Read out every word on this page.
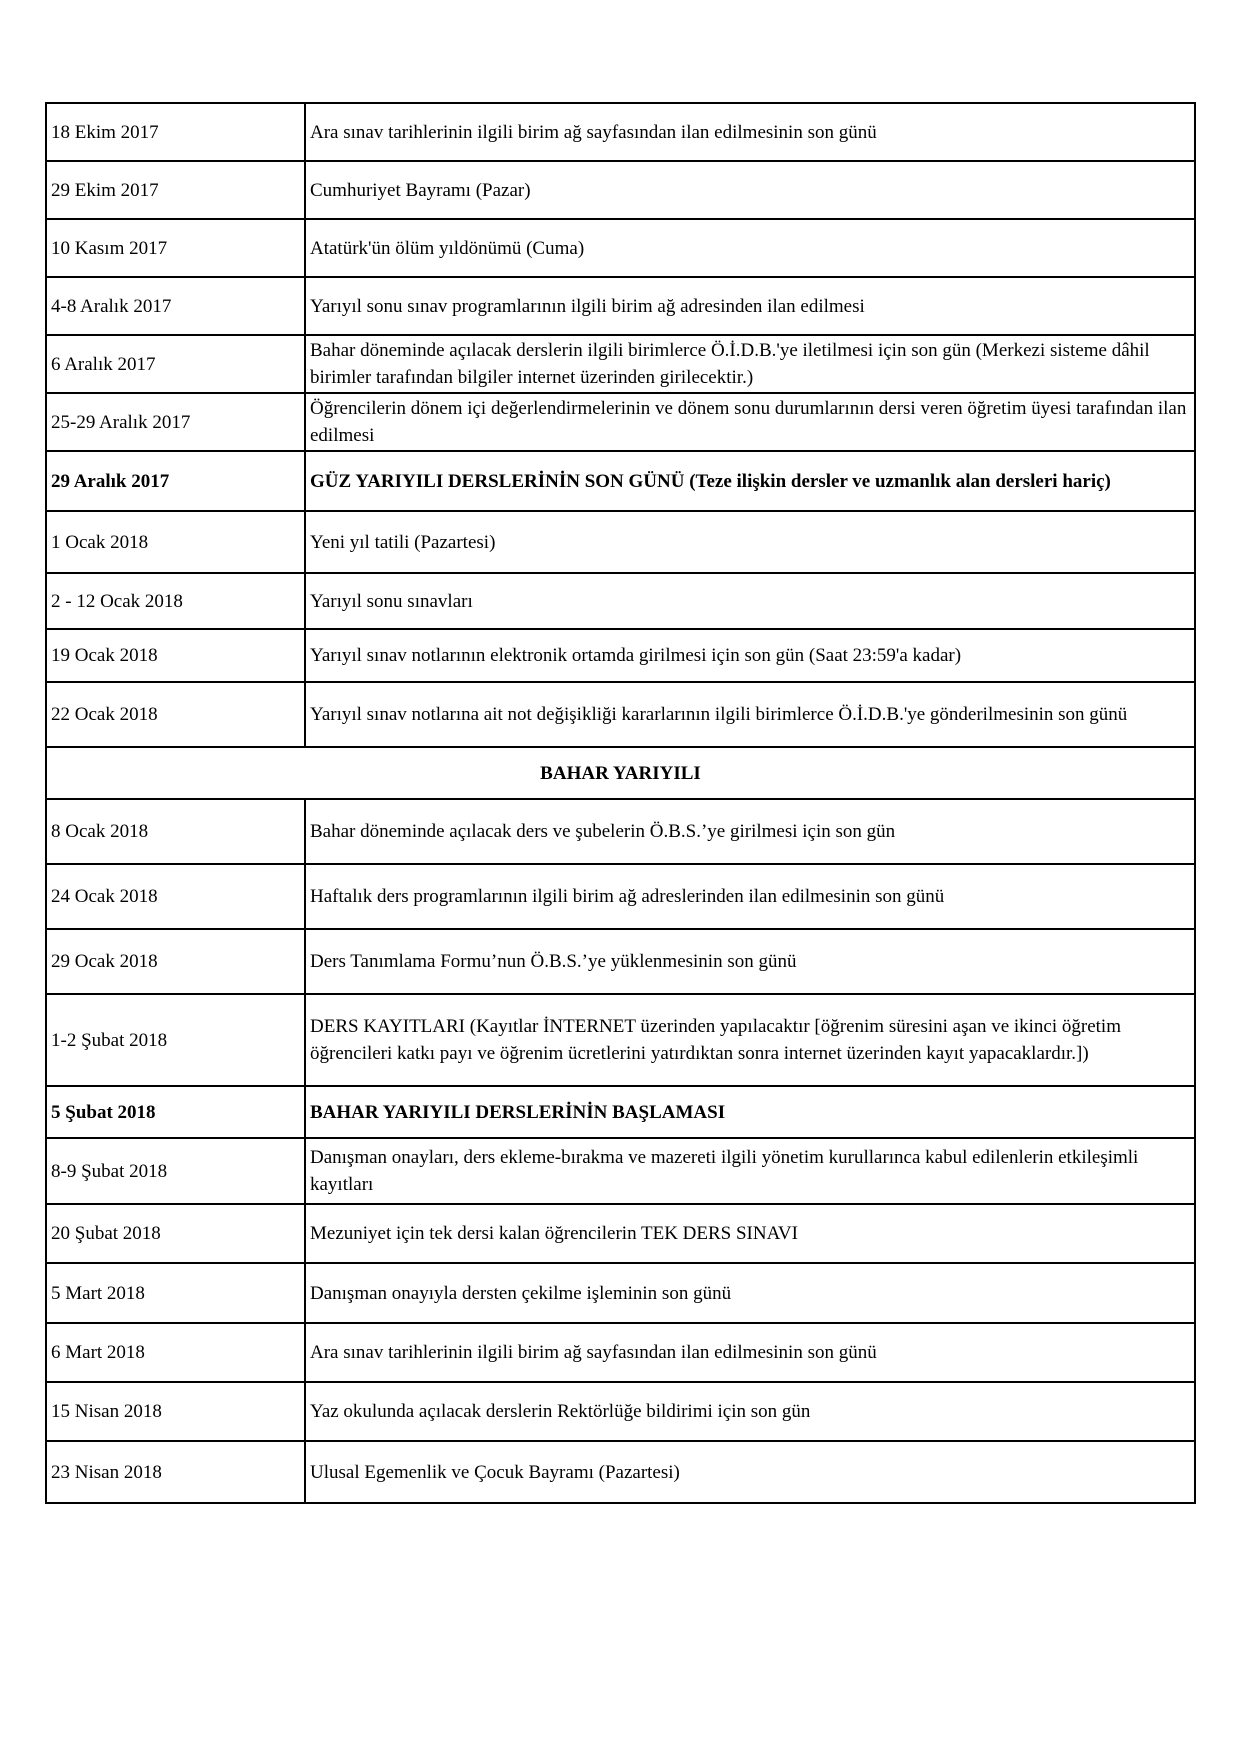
18 Ekim 2017	Ara sınav tarihlerinin ilgili birim ağ sayfasından ilan edilmesinin son günü
29 Ekim 2017	Cumhuriyet Bayramı (Pazar)
10 Kasım 2017	Atatürk'ün ölüm yıldönümü (Cuma)
4-8 Aralık 2017	Yarıyıl sonu sınav programlarının ilgili birim ağ adresinden ilan edilmesi
6 Aralık 2017	Bahar döneminde açılacak derslerin ilgili birimlerce Ö.İ.D.B.'ye iletilmesi için son gün (Merkezi sisteme dâhil birimler tarafından bilgiler internet üzerinden girilecektir.)
25-29 Aralık 2017	Öğrencilerin dönem içi değerlendirmelerinin ve dönem sonu durumlarının dersi veren öğretim üyesi tarafından ilan edilmesi
29 Aralık 2017	GÜZ YARIYILI DERSLERİNİN SON GÜNÜ (Teze ilişkin dersler ve uzmanlık alan dersleri hariç)
1 Ocak 2018	Yeni yıl tatili (Pazartesi)
2 - 12 Ocak 2018	Yarıyıl sonu sınavları
19 Ocak 2018	Yarıyıl sınav notlarının elektronik ortamda girilmesi için son gün (Saat 23:59'a kadar)
22 Ocak 2018	Yarıyıl sınav notlarına ait not değişikliği kararlarının ilgili birimlerce Ö.İ.D.B.'ye gönderilmesinin son günü
BAHAR YARIYILI	
8 Ocak 2018	Bahar döneminde açılacak ders ve şubelerin Ö.B.S.’ye girilmesi için son gün
24 Ocak 2018	Haftalık ders programlarının ilgili birim ağ adreslerinden ilan edilmesinin son günü
29 Ocak 2018	Ders Tanımlama Formu’nun Ö.B.S.’ye yüklenmesinin son günü
1-2 Şubat 2018	DERS KAYITLARI (Kayıtlar İNTERNET üzerinden yapılacaktır [öğrenim süresini aşan ve ikinci öğretim öğrencileri katkı payı ve öğrenim ücretlerini yatırdıktan sonra internet üzerinden kayıt yapacaklardır.])
5 Şubat 2018	BAHAR YARIYILI DERSLERİNİN BAŞLAMASI
8-9 Şubat 2018	Danışman onayları, ders ekleme-bırakma ve mazereti ilgili yönetim kurullarınca kabul edilenlerin etkileşimli kayıtları
20 Şubat 2018	Mezuniyet için tek dersi kalan öğrencilerin TEK DERS SINAVI
5 Mart 2018	Danışman onayıyla dersten çekilme işleminin son günü
6 Mart 2018	Ara sınav tarihlerinin ilgili birim ağ sayfasından ilan edilmesinin son günü
15 Nisan 2018	Yaz okulunda açılacak derslerin Rektörlüğe bildirimi için son gün
23 Nisan 2018	Ulusal Egemenlik ve Çocuk Bayramı (Pazartesi)
